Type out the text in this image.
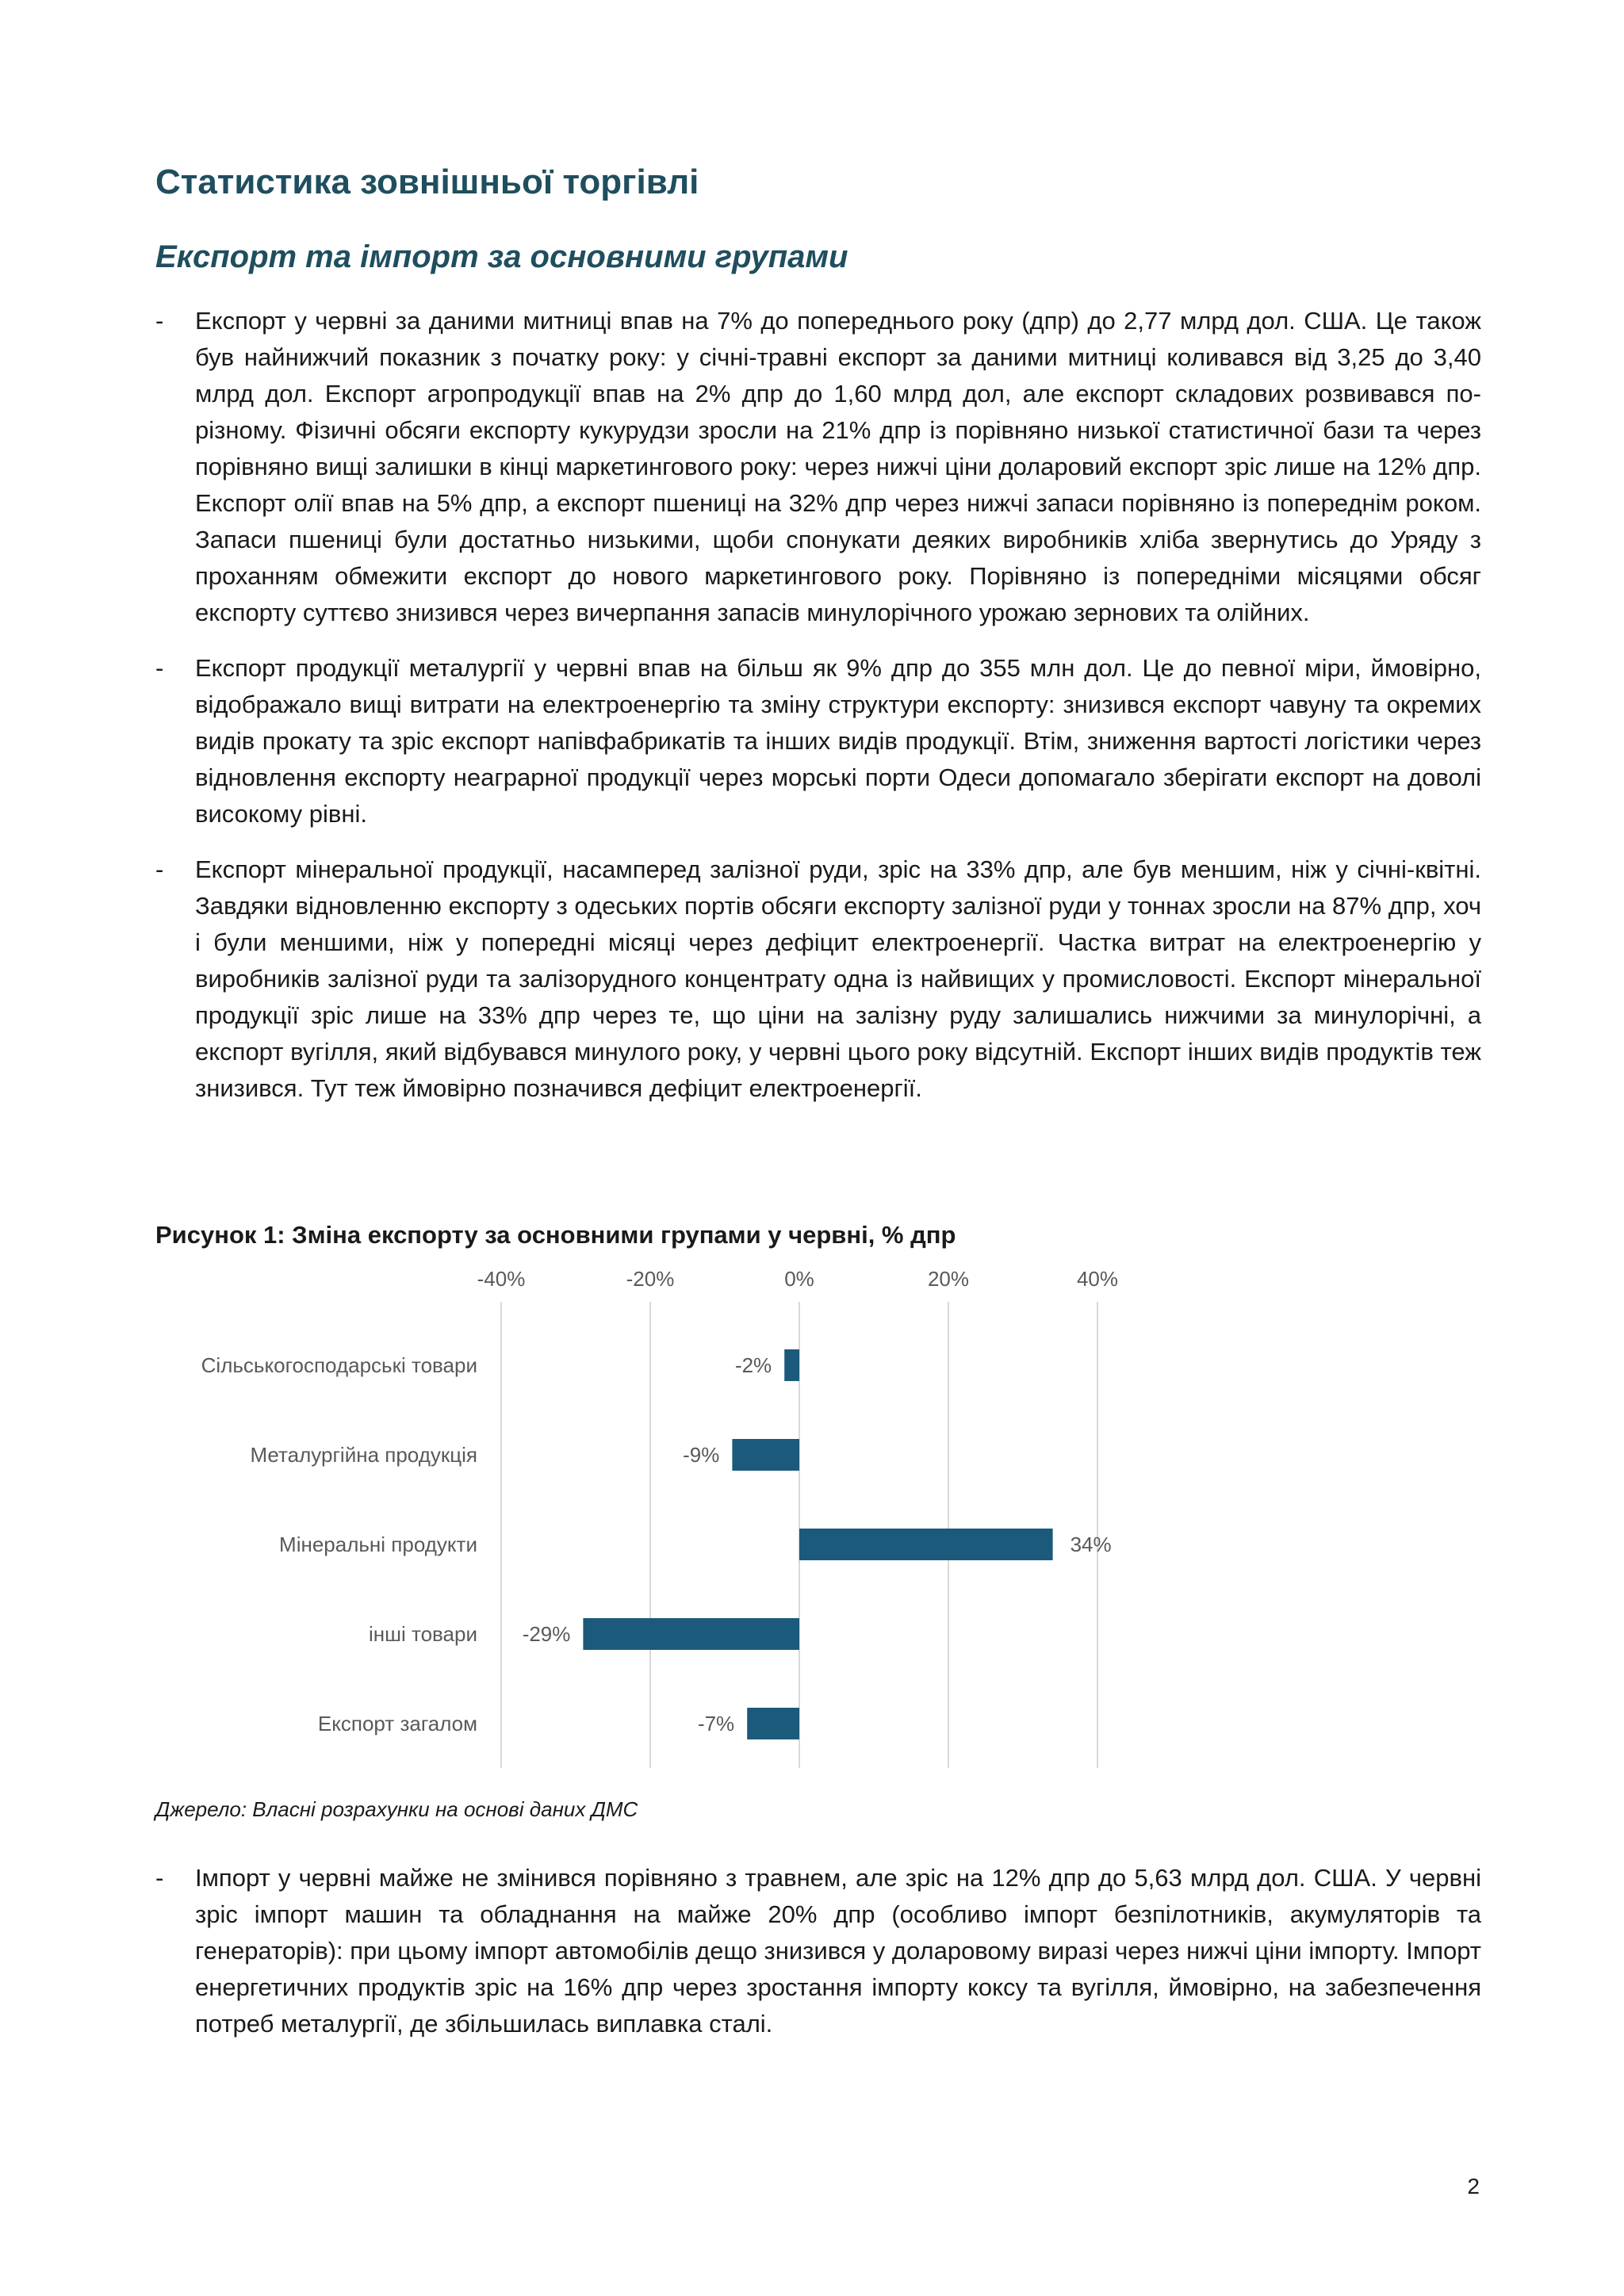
Статистика зовнішньої торгівлі
Експорт та імпорт за основними групами
- Експорт у червні за даними митниці впав на 7% до попереднього року (дпр) до 2,77 млрд дол. США. Це також був найнижчий показник з початку року: у січні-травні експорт за даними митниці коливався від 3,25 до 3,40 млрд дол. Експорт агропродукції впав на 2% дпр до 1,60 млрд дол, але експорт складових розвивався по-різному. Фізичні обсяги експорту кукурудзи зросли на 21% дпр із порівняно низької статистичної бази та через порівняно вищі залишки в кінці маркетингового року: через нижчі ціни доларовий експорт зріс лише на 12% дпр. Експорт олії впав на 5% дпр, а експорт пшениці на 32% дпр через нижчі запаси порівняно із попереднім роком. Запаси пшениці були достатньо низькими, щоби спонукати деяких виробників хліба звернутись до Уряду з проханням обмежити експорт до нового маркетингового року. Порівняно із попередніми місяцями обсяг експорту суттєво знизився через вичерпання запасів минулорічного урожаю зернових та олійних.
- Експорт продукції металургії у червні впав на більш як 9% дпр до 355 млн дол. Це до певної міри, ймовірно, відображало вищі витрати на електроенергію та зміну структури експорту: знизився експорт чавуну та окремих видів прокату та зріс експорт напівфабрикатів та інших видів продукції. Втім, зниження вартості логістики через відновлення експорту неаграрної продукції через морські порти Одеси допомагало зберігати експорт на доволі високому рівні.
- Експорт мінеральної продукції, насамперед залізної руди, зріс на 33% дпр, але був меншим, ніж у січні-квітні. Завдяки відновленню експорту з одеських портів обсяги експорту залізної руди у тоннах зросли на 87% дпр, хоч і були меншими, ніж у попередні місяці через дефіцит електроенергії. Частка витрат на електроенергію у виробників залізної руди та залізорудного концентрату одна із найвищих у промисловості. Експорт мінеральної продукції зріс лише на 33% дпр через те, що ціни на залізну руду залишались нижчими за минулорічні, а експорт вугілля, який відбувався минулого року, у червні цього року відсутній. Експорт інших видів продуктів теж знизився. Тут теж ймовірно позначився дефіцит електроенергії.

Рисунок 1: Зміна експорту за основними групами у червні, % дпр

-40%	-20%	0%	20%	40%
Сільськогосподарські товари
Металургійна продукція
Мінеральні продукти
інші товари
Експорт загалом
-2%
-9%
34%
-29%
-7%

Джерело: Власні розрахунки на основі даних ДМС

- Імпорт у червні майже не змінився порівняно з травнем, але зріс на 12% дпр до 5,63 млрд дол. США. У червні зріс імпорт машин та обладнання на майже 20% дпр (особливо імпорт безпілотників, акумуляторів та генераторів): при цьому імпорт автомобілів дещо знизився у доларовому виразі через нижчі ціни імпорту. Імпорт енергетичних продуктів зріс на 16% дпр через зростання імпорту коксу та вугілля, ймовірно, на забезпечення потреб металургії, де збільшилась виплавка сталі.
2
